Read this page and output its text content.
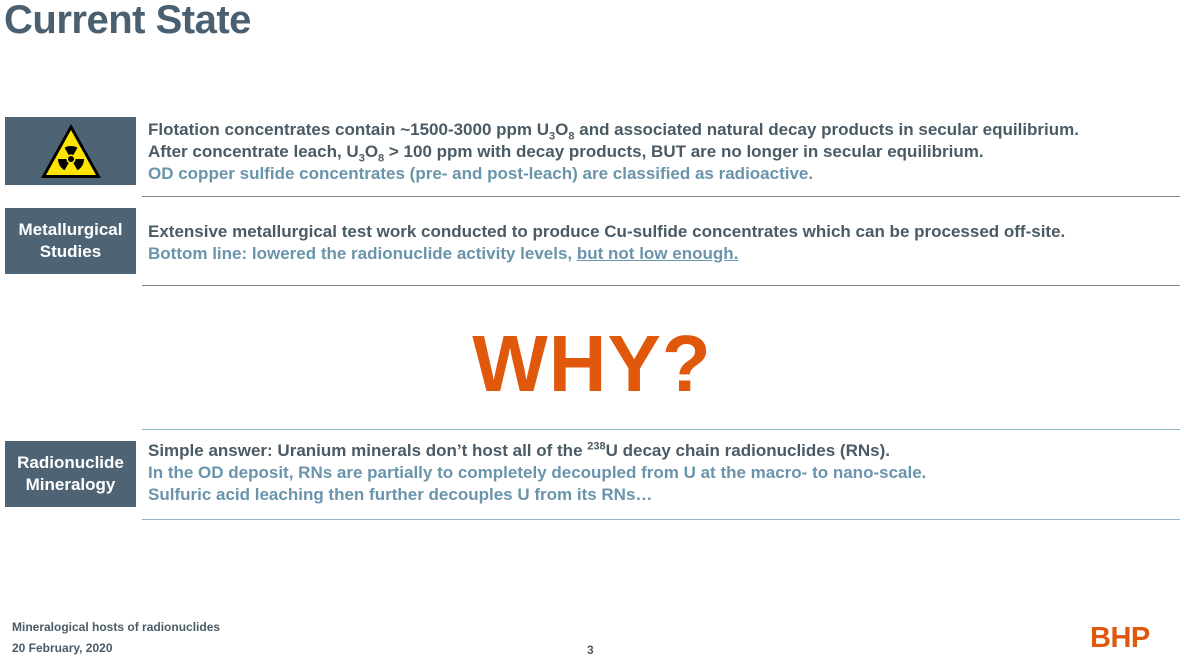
Current State
Flotation concentrates contain ~1500-3000 ppm $U_3O_8$ and associated natural decay products in secular equilibrium.
After concentrate leach, $U_3O_8 > 100$ ppm with decay products, BUT are no longer in secular equilibrium.
OD copper sulfide concentrates (pre- and post-leach) are classified as radioactive.
Metallurgical
Studies
Extensive metallurgical test work conducted to produce Cu-sulfide concentrates which can be processed off-site.
Bottom line: lowered the radionuclide activity levels, but not low enough.
WHY?
Radionuclide
Mineralogy
Simple answer: Uranium minerals don’t host all of the $^{238}$U decay chain radionuclides (RNs).
In the OD deposit, RNs are partially to completely decoupled from U at the macro- to nano-scale.
Sulfuric acid leaching then further decouples U from its RNs…
Mineralogical hosts of radionuclides
20 February, 2020	3	BHP
